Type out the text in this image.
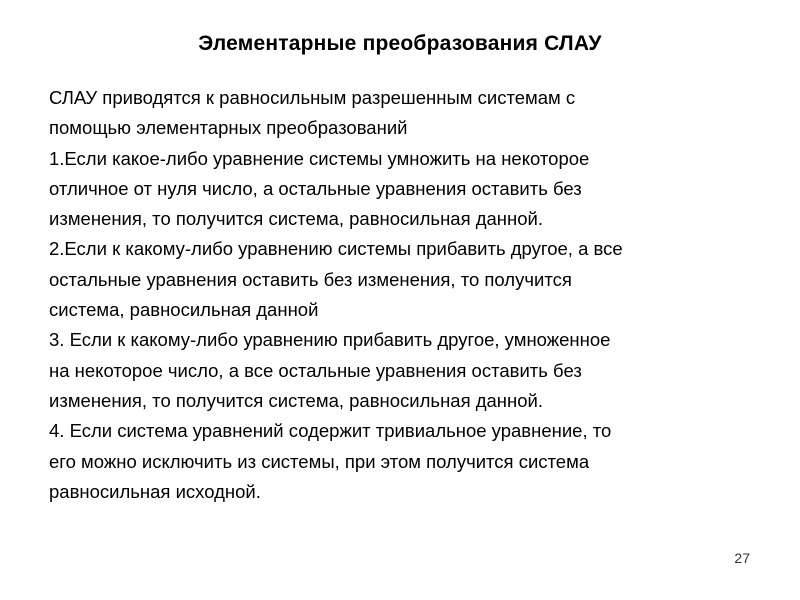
Элементарные преобразования СЛАУ
СЛАУ приводятся к равносильным разрешенным системам с
помощью элементарных преобразований
1.Если какое-либо уравнение системы умножить на некоторое
отличное от нуля число, а остальные уравнения оставить без
изменения, то получится система, равносильная данной.
2.Если к какому-либо уравнению системы прибавить другое, а все
остальные уравнения оставить без изменения, то получится
система, равносильная данной
3. Если к какому-либо уравнению прибавить другое, умноженное
на некоторое число, а все остальные уравнения оставить без
изменения, то получится система, равносильная данной.
4. Если система уравнений содержит тривиальное уравнение, то
его можно исключить из системы, при этом получится система
равносильная исходной.
27
